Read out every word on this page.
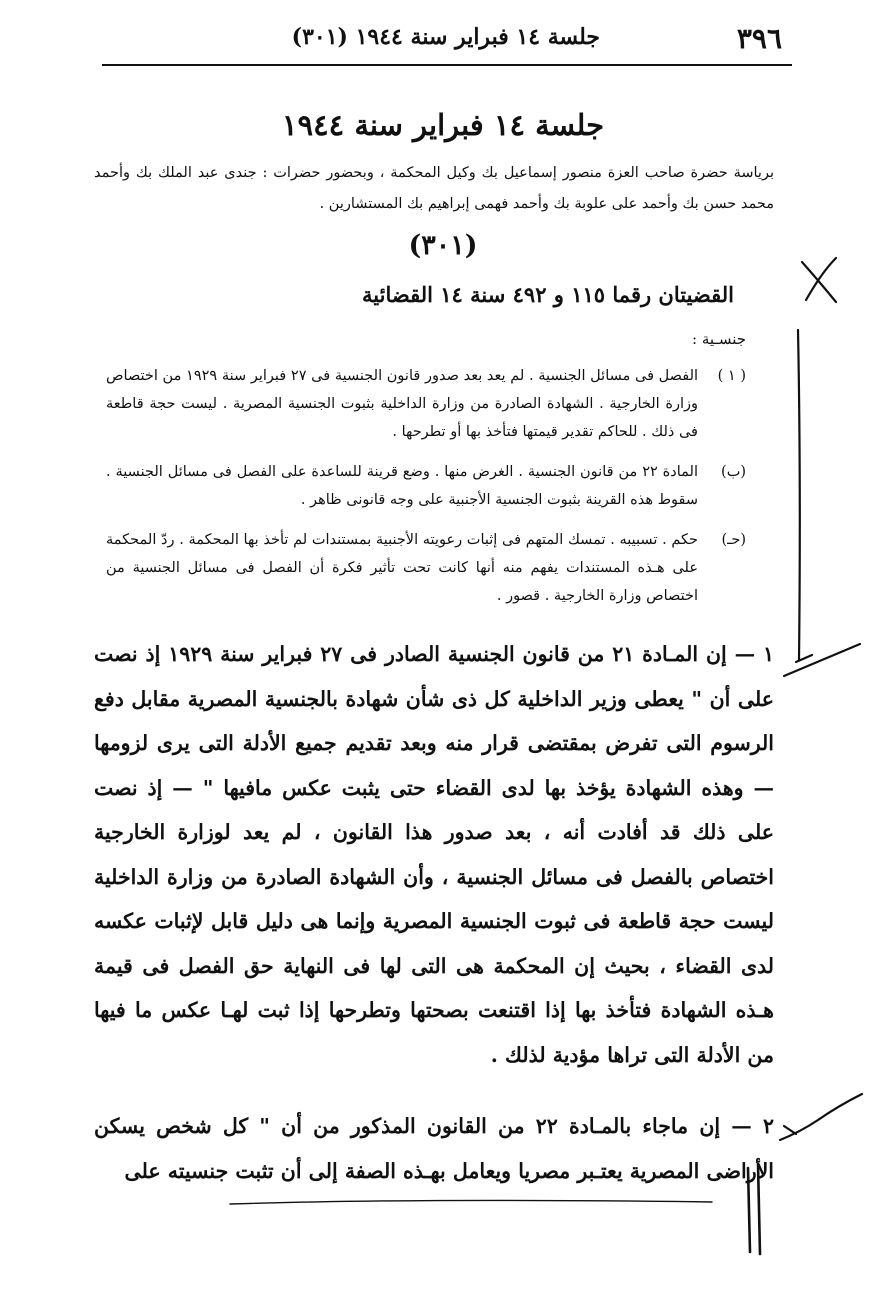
٣٩٦
جلسة ١٤ فبراير سنة ١٩٤٤ (٣٠١)
جلسة ١٤ فبراير سنة ١٩٤٤
برياسة حضرة صاحب العزة منصور إسماعيل بك وكيل المحكمة ، وبحضور حضرات : جندى عبد الملك بك وأحمد محمد حسن بك وأحمد على علوبة بك وأحمد فهمى إبراهيم بك المستشارين .
(٣٠١)
القضيتان رقما ١١٥ و ٤٩٢ سنة ١٤ القضائية
جنسـية :
( ١ )
الفصل فى مسائل الجنسية . لم يعد بعد صدور قانون الجنسية فى ٢٧ فبراير سنة ١٩٢٩ من اختصاص وزارة الخارجية . الشهادة الصادرة من وزارة الداخلية بثبوت الجنسية المصرية . ليست حجة قاطعة فى ذلك . للحاكم تقدير قيمتها فتأخذ بها أو تطرحها .
(ب)
المادة ٢٢ من قانون الجنسية . الغرض منها . وضع قرينة للساعدة على الفصل فى مسائل الجنسية . سقوط هذه القرينة بثبوت الجنسية الأجنبية على وجه قانونى ظاهر .
(حـ)
حكم . تسبيبه . تمسك المتهم فى إثبات رعويته الأجنبية بمستندات لم تأخذ بها المحكمة . ردّ المحكمة على هـذه المستندات يفهم منه أنها كانت تحت تأثير فكرة أن الفصل فى مسائل الجنسية من اختصاص وزارة الخارجية . قصور .
١ — إن المـادة ٢١ من قانون الجنسية الصادر فى ٢٧ فبراير سنة ١٩٢٩ إذ نصت على أن " يعطى وزير الداخلية كل ذى شأن شهادة بالجنسية المصرية مقابل دفع الرسوم التى تفرض بمقتضى قرار منه وبعد تقديم جميع الأدلة التى يرى لزومها — وهذه الشهادة يؤخذ بها لدى القضاء حتى يثبت عكس مافيها " — إذ نصت على ذلك قد أفادت أنه ، بعد صدور هذا القانون ، لم يعد لوزارة الخارجية اختصاص بالفصل فى مسائل الجنسية ، وأن الشهادة الصادرة من وزارة الداخلية ليست حجة قاطعة فى ثبوت الجنسية المصرية وإنما هى دليل قابل لإثبات عكسه لدى القضاء ، بحيث إن المحكمة هى التى لها فى النهاية حق الفصل فى قيمة هـذه الشهادة فتأخذ بها إذا اقتنعت بصحتها وتطرحها إذا ثبت لهـا عكس ما فيها من الأدلة التى تراها مؤدية لذلك .
٢ — إن ماجاء بالمـادة ٢٢ من القانون المذكور من أن " كل شخص يسكن الأراضى المصرية يعتـبر مصريا ويعامل بهـذه الصفة إلى أن تثبت جنسيته على
